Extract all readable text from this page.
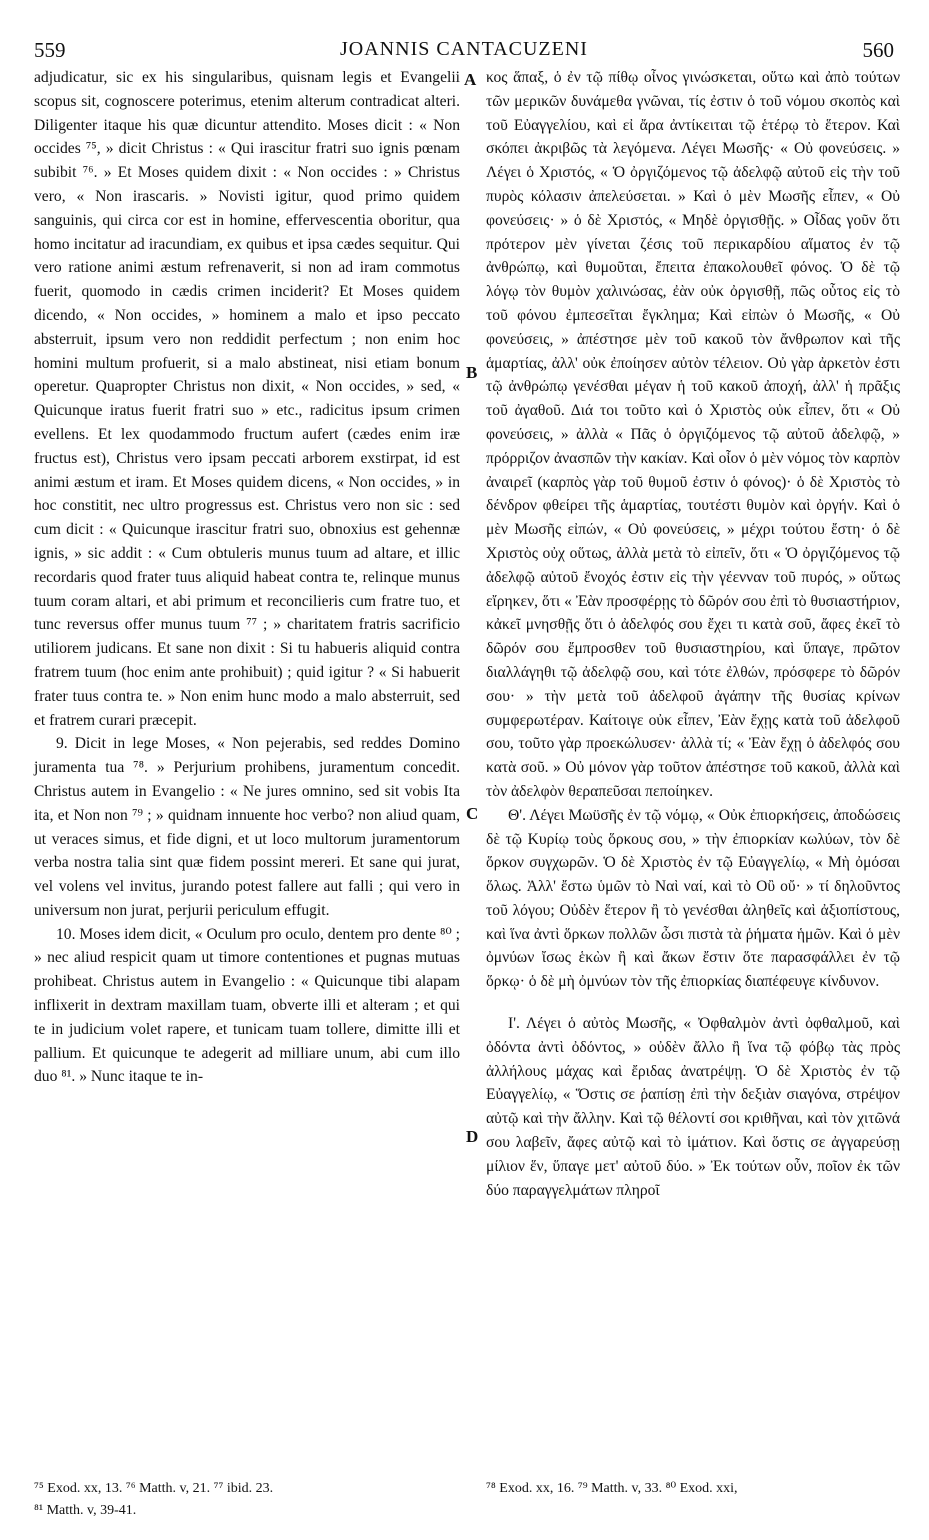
559	JOANNIS CANTACUZENI	560

adjudicatur, sic ex his singularibus, quisnam legis et Evangelii scopus sit, cognoscere poterimus, etenim alterum contradicat alteri. Diligenter itaque his quæ dicuntur attendito. Moses dicit : « Non occides ⁷⁵, » dicit Christus : « Qui irascitur fratri suo ignis pœnam subibit ⁷⁶. » Et Moses quidem dixit : « Non occides : » Christus vero, « Non irascaris. » Novisti igitur, quod primo quidem sanguinis, qui circa cor est in homine, effervescentia oboritur, qua homo incitatur ad iracundiam, ex quibus et ipsa cædes sequitur. Qui vero ratione animi æstum refrenaverit, si non ad iram commotus fuerit, quomodo in cædis crimen inciderit? Et Moses quidem dicendo, « Non occides, » hominem a malo et ipso peccato absterruit, ipsum vero non reddidit perfectum ; non enim hoc homini multum profuerit, si a malo abstineat, nisi etiam bonum operetur. Quapropter Christus non dixit, « Non occides, » sed, « Quicunque iratus fuerit fratri suo » etc., radicitus ipsum crimen evellens. Et lex quodammodo fructum aufert (cædes enim iræ fructus est), Christus vero ipsam peccati arborem exstirpat, id est animi æstum et iram. Et Moses quidem dicens, « Non occides, » in hoc constitit, nec ultro progressus est. Christus vero non sic : sed cum dicit : « Quicunque irascitur fratri suo, obnoxius est gehennæ ignis, » sic addit : « Cum obtuleris munus tuum ad altare, et illic recordaris quod frater tuus aliquid habeat contra te, relinque munus tuum coram altari, et abi primum et reconcilieris cum fratre tuo, et tunc reversus offer munus tuum ⁷⁷ ; » charitatem fratris sacrificio utiliorem judicans. Et sane non dixit : Si tu habueris aliquid contra fratrem tuum (hoc enim ante prohibuit) ; quid igitur ? « Si habuerit frater tuus contra te. » Non enim hunc modo a malo absterruit, sed et fratrem curari præcepit.

9. Dicit in lege Moses, « Non pejerabis, sed reddes Domino juramenta tua ⁷⁸. » Perjurium prohibens, juramentum concedit. Christus autem in Evangelio : « Ne jures omnino, sed sit vobis Ita ita, et Non non ⁷⁹ ; » quidnam innuente hoc verbo? non aliud quam, ut veraces simus, et fide digni, et ut loco multorum juramentorum verba nostra talia sint quæ fidem possint mereri. Et sane qui jurat, vel volens vel invitus, jurando potest fallere aut falli ; qui vero in universum non jurat, perjurii periculum effugit.

10. Moses idem dicit, « Oculum pro oculo, dentem pro dente ⁸⁰ ; » nec aliud respicit quam ut timore contentiones et pugnas mutuas prohibeat. Christus autem in Evangelio : « Quicunque tibi alapam inflixerit in dextram maxillam tuam, obverte illi et alteram ; et qui te in judicium volet rapere, et tunicam tuam tollere, dimitte illi et pallium. Et quicunque te adegerit ad milliare unum, abi cum illo duo ⁸¹. » Nunc itaque te in-

A
B
C
D

κος ἅπαξ, ὁ ἐν τῷ πίθῳ οἶνος γινώσκεται, οὕτω καὶ ἀπὸ τούτων τῶν μερικῶν δυνάμεθα γνῶναι, τίς ἐστιν ὁ τοῦ νόμου σκοπὸς καὶ τοῦ Εὐαγγελίου, καὶ εἰ ἄρα ἀντίκειται τῷ ἑτέρῳ τὸ ἕτερον. Καὶ σκόπει ἀκριβῶς τὰ λεγόμενα. Λέγει Μωσῆς· « Οὐ φονεύσεις. » Λέγει ὁ Χριστός, « Ὁ ὀργιζόμενος τῷ ἀδελφῷ αὐτοῦ εἰς τὴν τοῦ πυρὸς κόλασιν ἀπελεύσεται. » Καὶ ὁ μὲν Μωσῆς εἶπεν, « Οὐ φονεύσεις· » ὁ δὲ Χριστός, « Μηδὲ ὀργισθῇς. » Οἶδας γοῦν ὅτι πρότερον μὲν γίνεται ζέσις τοῦ περικαρδίου αἵματος ἐν τῷ ἀνθρώπῳ, καὶ θυμοῦται, ἔπειτα ἐπακολουθεῖ φόνος. Ὁ δὲ τῷ λόγῳ τὸν θυμὸν χαλινώσας, ἐὰν οὐκ ὀργισθῇ, πῶς οὗτος εἰς τὸ τοῦ φόνου ἐμπεσεῖται ἔγκλημα; Καὶ εἰπὼν ὁ Μωσῆς, « Οὐ φονεύσεις, » ἀπέστησε μὲν τοῦ κακοῦ τὸν ἄνθρωπον καὶ τῆς ἁμαρτίας, ἀλλ' οὐκ ἐποίησεν αὐτὸν τέλειον. Οὐ γὰρ ἀρκετὸν ἐστι τῷ ἀνθρώπῳ γενέσθαι μέγαν ἡ τοῦ κακοῦ ἀποχή, ἀλλ' ἡ πρᾶξις τοῦ ἀγαθοῦ. Διά τοι τοῦτο καὶ ὁ Χριστὸς οὐκ εἶπεν, ὅτι « Οὐ φονεύσεις, » ἀλλὰ « Πᾶς ὁ ὀργιζόμενος τῷ αὐτοῦ ἀδελφῷ, » πρόρριζον ἀνασπῶν τὴν κακίαν. Καὶ οἷον ὁ μὲν νόμος τὸν καρπὸν ἀναιρεῖ (καρπὸς γὰρ τοῦ θυμοῦ ἐστιν ὁ φόνος)· ὁ δὲ Χριστὸς τὸ δένδρον φθείρει τῆς ἁμαρτίας, τουτέστι θυμὸν καὶ ὀργήν. Καὶ ὁ μὲν Μωσῆς εἰπών, « Οὐ φονεύσεις, » μέχρι τούτου ἔστη· ὁ δὲ Χριστὸς οὐχ οὕτως, ἀλλὰ μετὰ τὸ εἰπεῖν, ὅτι « Ὁ ὀργιζόμενος τῷ ἀδελφῷ αὐτοῦ ἔνοχός ἐστιν εἰς τὴν γέενναν τοῦ πυρός, » οὕτως εἴρηκεν, ὅτι « Ἐὰν προσφέρῃς τὸ δῶρόν σου ἐπὶ τὸ θυσιαστήριον, κἀκεῖ μνησθῇς ὅτι ὁ ἀδελφός σου ἔχει τι κατὰ σοῦ, ἄφες ἐκεῖ τὸ δῶρόν σου ἔμπροσθεν τοῦ θυσιαστηρίου, καὶ ὕπαγε, πρῶτον διαλλάγηθι τῷ ἀδελφῷ σου, καὶ τότε ἐλθών, πρόσφερε τὸ δῶρόν σου· » τὴν μετὰ τοῦ ἀδελφοῦ ἀγάπην τῆς θυσίας κρίνων συμφερωτέραν. Καίτοιγε οὐκ εἶπεν, Ἐὰν ἔχῃς κατὰ τοῦ ἀδελφοῦ σου, τοῦτο γὰρ προεκώλυσεν· ἀλλὰ τί; « Ἐὰν ἔχῃ ὁ ἀδελφός σου κατὰ σοῦ. » Οὐ μόνον γὰρ τοῦτον ἀπέστησε τοῦ κακοῦ, ἀλλὰ καὶ τὸν ἀδελφὸν θεραπεῦσαι πεποίηκεν.

Θ'. Λέγει Μωϋσῆς ἐν τῷ νόμῳ, « Οὐκ ἐπιορκήσεις, ἀποδώσεις δὲ τῷ Κυρίῳ τοὺς ὅρκους σου, » τὴν ἐπιορκίαν κωλύων, τὸν δὲ ὅρκον συγχωρῶν. Ὁ δὲ Χριστὸς ἐν τῷ Εὐαγγελίῳ, « Μὴ ὀμόσαι ὅλως. Ἀλλ' ἔστω ὑμῶν τὸ Ναὶ ναί, καὶ τὸ Οὒ οὔ· » τί δηλοῦντος τοῦ λόγου; Οὐδὲν ἕτερον ἢ τὸ γενέσθαι ἀληθεῖς καὶ ἀξιοπίστους, καὶ ἵνα ἀντὶ ὅρκων πολλῶν ὦσι πιστὰ τὰ ῥήματα ἡμῶν. Καὶ ὁ μὲν ὀμνύων ἴσως ἑκὼν ἢ καὶ ἄκων ἔστιν ὅτε παρασφάλλει ἐν τῷ ὅρκῳ· ὁ δὲ μὴ ὀμνύων τὸν τῆς ἐπιορκίας διαπέφευγε κίνδυνον.

Ι'. Λέγει ὁ αὐτὸς Μωσῆς, « Ὀφθαλμὸν ἀντὶ ὀφθαλμοῦ, καὶ ὀδόντα ἀντὶ ὀδόντος, » οὐδὲν ἄλλο ἢ ἵνα τῷ φόβῳ τὰς πρὸς ἀλλήλους μάχας καὶ ἔριδας ἀνατρέψῃ. Ὁ δὲ Χριστὸς ἐν τῷ Εὐαγγελίῳ, « Ὅστις σε ῥαπίσῃ ἐπὶ τὴν δεξιὰν σιαγόνα, στρέψον αὐτῷ καὶ τὴν ἄλλην. Καὶ τῷ θέλοντί σοι κριθῆναι, καὶ τὸν χιτῶνά σου λαβεῖν, ἄφες αὐτῷ καὶ τὸ ἱμάτιον. Καὶ ὅστις σε ἀγγαρεύσῃ μίλιον ἕν, ὕπαγε μετ' αὐτοῦ δύο. » Ἐκ τούτων οὖν, ποῖον ἐκ τῶν δύο παραγγελμάτων πληροῖ

⁷⁵ Exod. xx, 13. ⁷⁶ Matth. v, 21. ⁷⁷ ibid. 23.
⁸¹ Matth. v, 39-41.
⁷⁸ Exod. xx, 16. ⁷⁹ Matth. v, 33. ⁸⁰ Exod. xxi,
